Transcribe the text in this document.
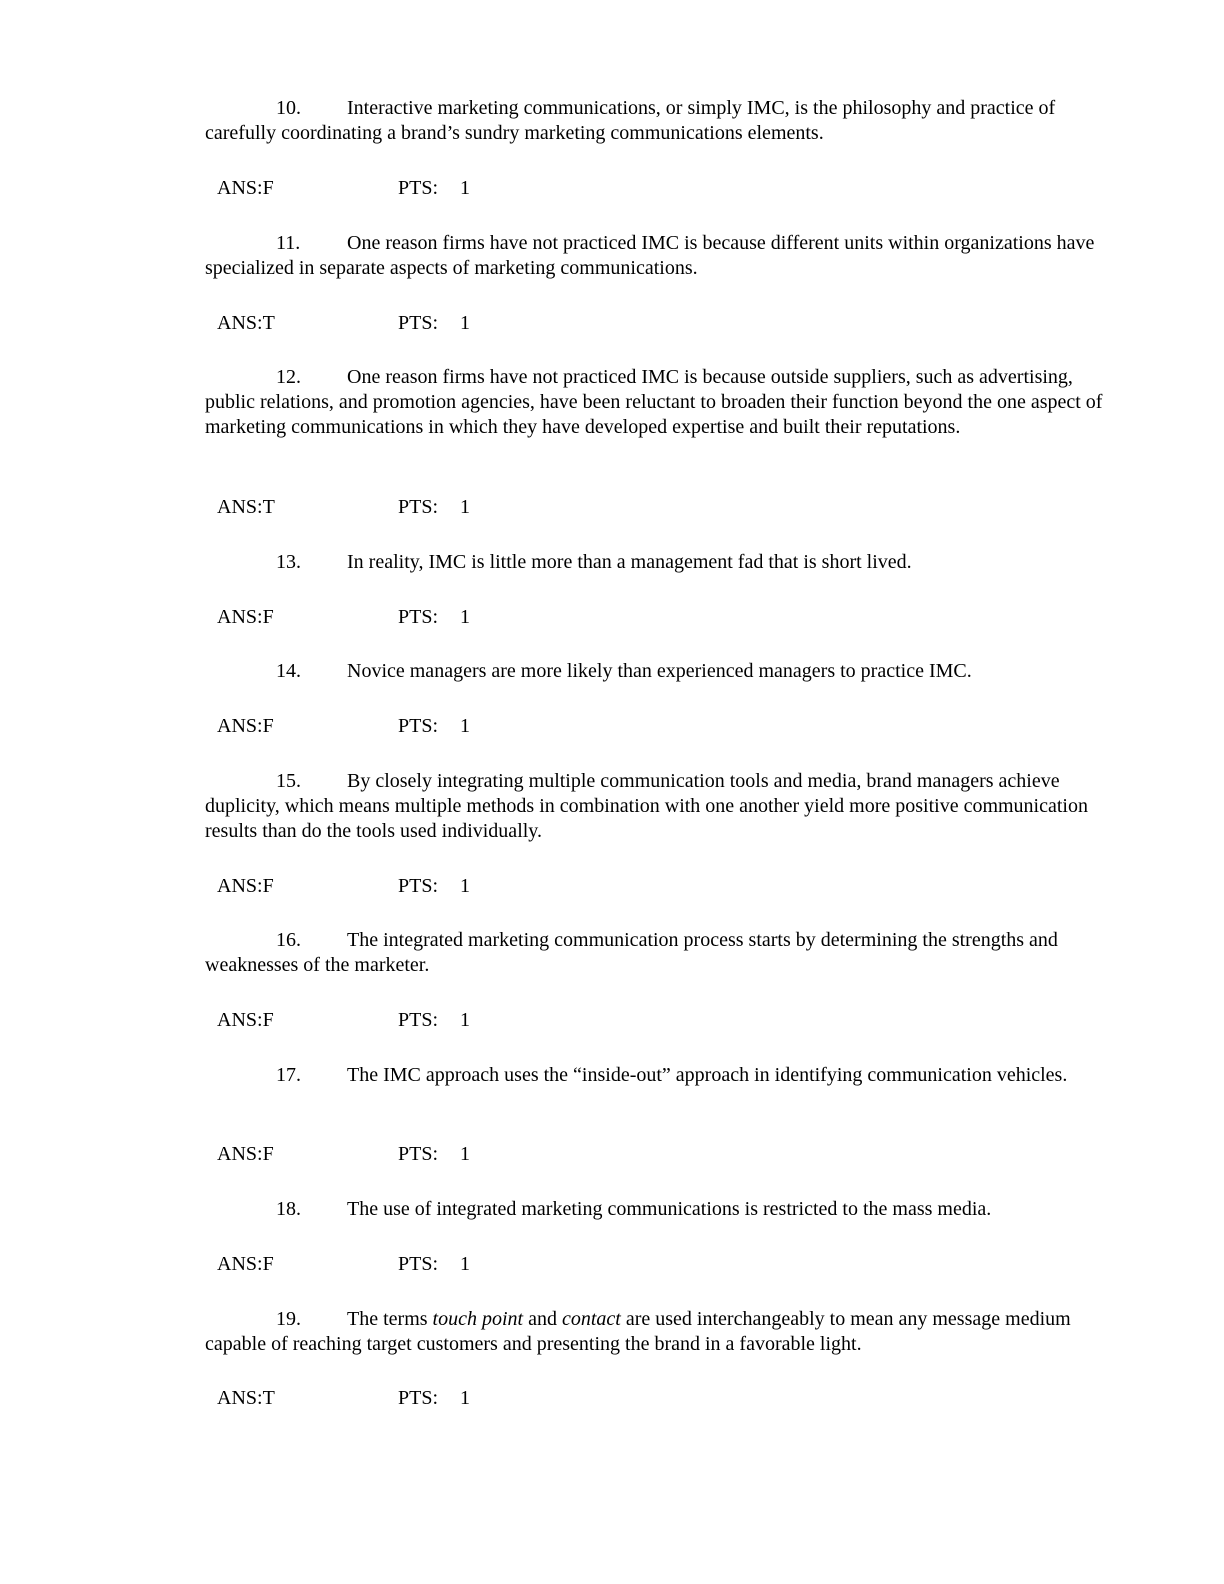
10. Interactive marketing communications, or simply IMC, is the philosophy and practice of carefully coordinating a brand’s sundry marketing communications elements.

ANS:F	PTS: 1

11. One reason firms have not practiced IMC is because different units within organizations have specialized in separate aspects of marketing communications.

ANS:T	PTS: 1

12. One reason firms have not practiced IMC is because outside suppliers, such as advertising, public relations, and promotion agencies, have been reluctant to broaden their function beyond the one aspect of marketing communications in which they have developed expertise and built their reputations.

ANS:T	PTS: 1

13. In reality, IMC is little more than a management fad that is short lived.

ANS:F	PTS: 1

14. Novice managers are more likely than experienced managers to practice IMC.

ANS:F	PTS: 1

15. By closely integrating multiple communication tools and media, brand managers achieve duplicity, which means multiple methods in combination with one another yield more positive communication results than do the tools used individually.

ANS:F	PTS: 1

16. The integrated marketing communication process starts by determining the strengths and weaknesses of the marketer.

ANS:F	PTS: 1

17. The IMC approach uses the “inside-out” approach in identifying communication vehicles.

ANS:F	PTS: 1

18. The use of integrated marketing communications is restricted to the mass media.

ANS:F	PTS: 1

19. The terms touch point and contact are used interchangeably to mean any message medium capable of reaching target customers and presenting the brand in a favorable light.

ANS:T	PTS: 1
